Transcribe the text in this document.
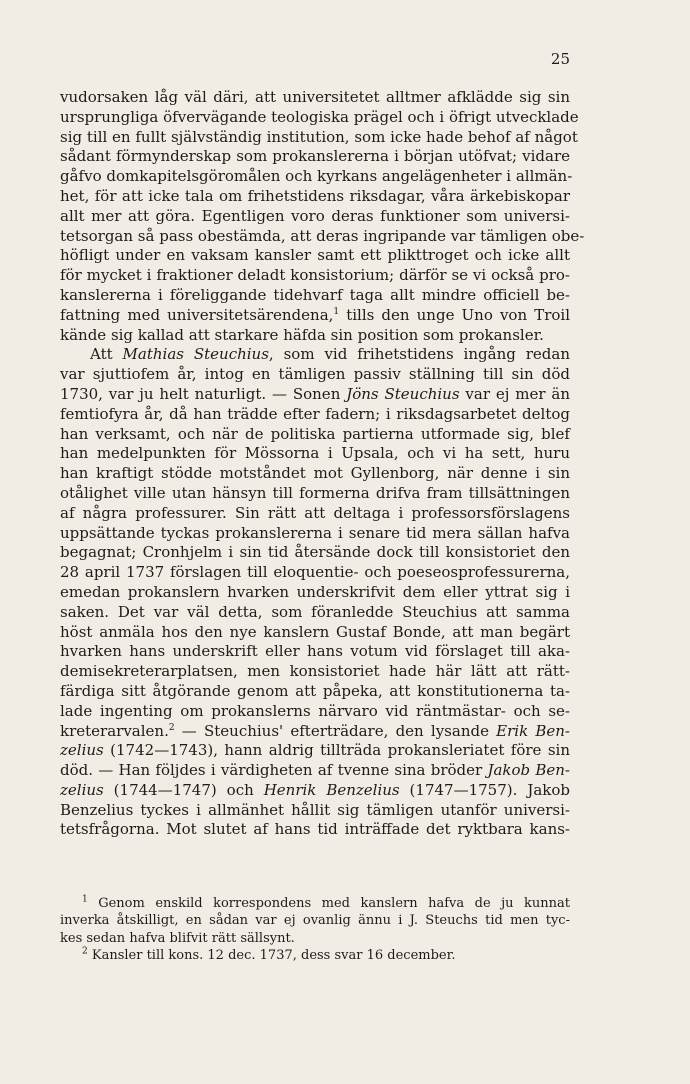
25
vudorsaken låg väl däri, att universitetet alltmer afklädde sig sin
ursprungliga öfvervägande teologiska prägel och i öfrigt utvecklade
sig till en fullt självständig institution, som icke hade behof af något
sådant förmynderskap som prokanslererna i början utöfvat; vidare
gåfvo domkapitelsgöromålen och kyrkans angelägenheter i allmän-
het, för att icke tala om frihetstidens riksdagar, våra ärkebiskopar
allt mer att göra. Egentligen voro deras funktioner som universi-
tetsorgan så pass obestämda, att deras ingripande var tämligen obe-
höfligt under en vaksam kansler samt ett plikttroget och icke allt
för mycket i fraktioner deladt konsistorium; därför se vi också pro-
kanslererna i föreliggande tidehvarf taga allt mindre officiell be-
fattning med universitetsärendena,$^1$ tills den unge Uno von Troil
kände sig kallad att starkare häfda sin position som prokansler.
Att Mathias Steuchius, som vid frihetstidens ingång redan
var sjuttiofem år, intog en tämligen passiv ställning till sin död
1730, var ju helt naturligt. — Sonen Jöns Steuchius var ej mer än
femtiofyra år, då han trädde efter fadern; i riksdagsarbetet deltog
han verksamt, och när de politiska partierna utformade sig, blef
han medelpunkten för Mössorna i Upsala, och vi ha sett, huru
han kraftigt stödde motståndet mot Gyllenborg, när denne i sin
otålighet ville utan hänsyn till formerna drifva fram tillsättningen
af några professurer. Sin rätt att deltaga i professorsförslagens
uppsättande tyckas prokanslererna i senare tid mera sällan hafva
begagnat; Cronhjelm i sin tid återsände dock till konsistoriet den
28 april 1737 förslagen till eloquentie- och poeseosprofessurerna,
emedan prokanslern hvarken underskrifvit dem eller yttrat sig i
saken. Det var väl detta, som föranledde Steuchius att samma
höst anmäla hos den nye kanslern Gustaf Bonde, att man begärt
hvarken hans underskrift eller hans votum vid förslaget till aka-
demisekreterarplatsen, men konsistoriet hade här lätt att rätt-
färdiga sitt åtgörande genom att påpeka, att konstitutionerna ta-
lade ingenting om prokanslerns närvaro vid räntmästar- och se-
kreterarvalen.$^2$ — Steuchius' efterträdare, den lysande Erik Ben-
zelius (1742—1743), hann aldrig tillträda prokansleriatet före sin
död. — Han följdes i värdigheten af tvenne sina bröder Jakob Ben-
zelius (1744—1747) och Henrik Benzelius (1747—1757). Jakob
Benzelius tyckes i allmänhet hållit sig tämligen utanför universi-
tetsfrågorna. Mot slutet af hans tid inträffade det ryktbara kans-
$^1$ Genom enskild korrespondens med kanslern hafva de ju kunnat
inverka åtskilligt, en sådan var ej ovanlig ännu i J. Steuchs tid men tyc-
kes sedan hafva blifvit rätt sällsynt.
$^2$ Kansler till kons. 12 dec. 1737, dess svar 16 december.
